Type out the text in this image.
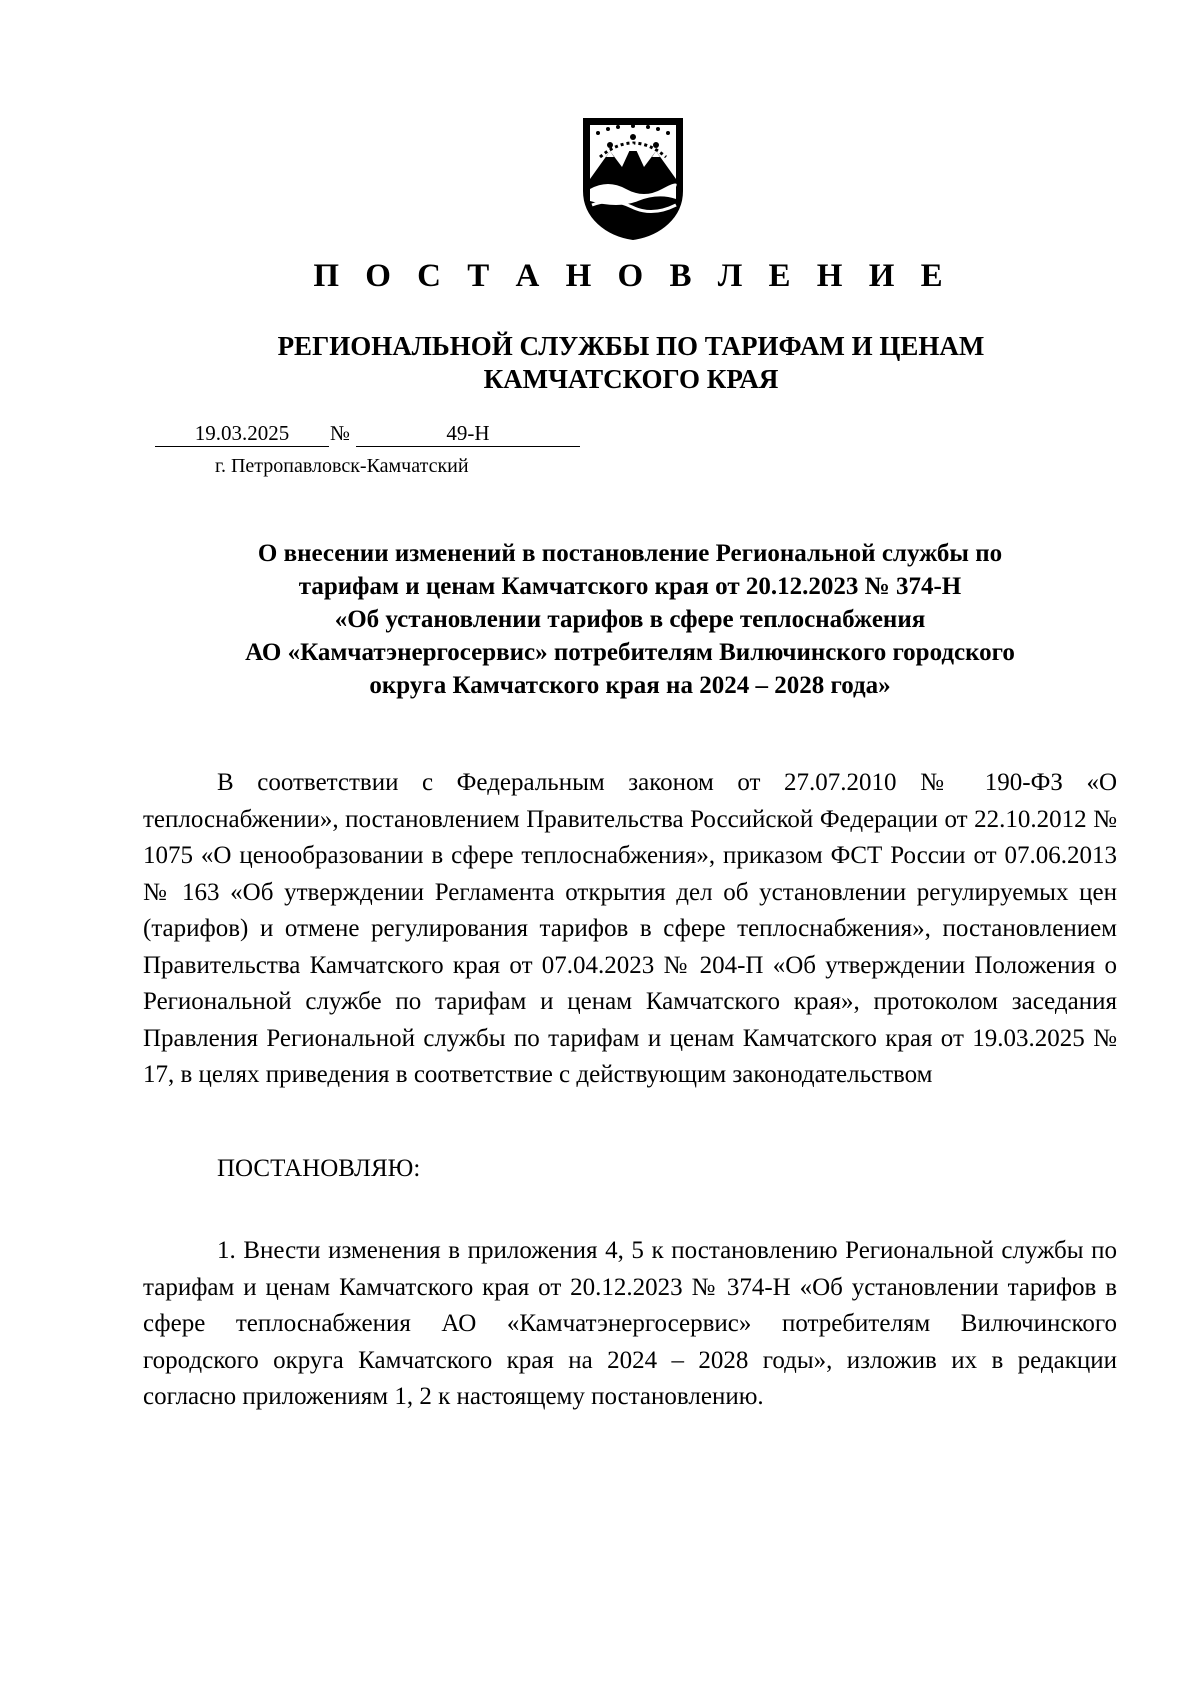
П О С Т А Н О В Л Е Н И Е
РЕГИОНАЛЬНОЙ СЛУЖБЫ ПО ТАРИФАМ И ЦЕНАМ
КАМЧАТСКОГО КРАЯ
19.03.2025	№	49-Н
г. Петропавловск-Камчатский
О внесении изменений в постановление Региональной службы по
тарифам и ценам Камчатского края от 20.12.2023 № 374-Н
«Об установлении тарифов в сфере теплоснабжения
АО «Камчатэнергосервис» потребителям Вилючинского городского
округа Камчатского края на 2024 – 2028 года»
В соответствии с Федеральным законом от 27.07.2010 № 190-ФЗ «О теплоснабжении», постановлением Правительства Российской Федерации от 22.10.2012 № 1075 «О ценообразовании в сфере теплоснабжения», приказом ФСТ России от 07.06.2013 № 163 «Об утверждении Регламента открытия дел об установлении регулируемых цен (тарифов) и отмене регулирования тарифов в сфере теплоснабжения», постановлением Правительства Камчатского края от 07.04.2023 № 204-П «Об утверждении Положения о Региональной службе по тарифам и ценам Камчатского края», протоколом заседания Правления Региональной службы по тарифам и ценам Камчатского края от 19.03.2025 № 17, в целях приведения в соответствие с действующим законодательством
ПОСТАНОВЛЯЮ:
1. Внести изменения в приложения 4, 5 к постановлению Региональной службы по тарифам и ценам Камчатского края от 20.12.2023 № 374-Н «Об установлении тарифов в сфере теплоснабжения АО «Камчатэнергосервис» потребителям Вилючинского городского округа Камчатского края на 2024 – 2028 годы», изложив их в редакции согласно приложениям 1, 2 к настоящему постановлению.
